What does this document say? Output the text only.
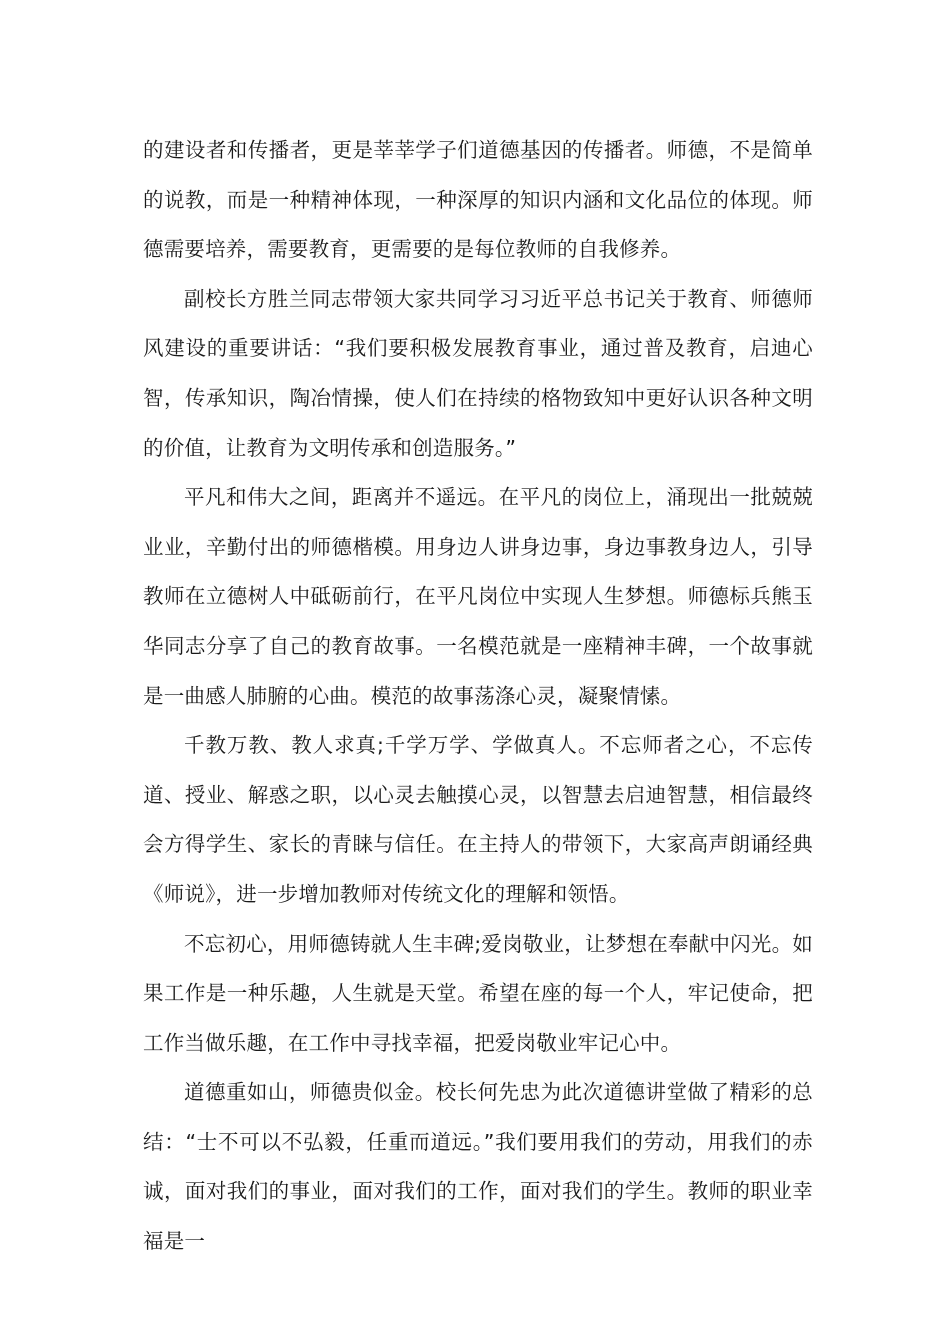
的建设者和传播者，更是莘莘学子们道德基因的传播者。师德，不是简单的说教，而是一种精神体现，一种深厚的知识内涵和文化品位的体现。师德需要培养，需要教育，更需要的是每位教师的自我修养。

副校长方胜兰同志带领大家共同学习习近平总书记关于教育、师德师风建设的重要讲话：“我们要积极发展教育事业，通过普及教育，启迪心智，传承知识，陶冶情操，使人们在持续的格物致知中更好认识各种文明的价值，让教育为文明传承和创造服务。”

平凡和伟大之间，距离并不遥远。在平凡的岗位上，涌现出一批兢兢业业，辛勤付出的师德楷模。用身边人讲身边事，身边事教身边人，引导教师在立德树人中砥砺前行，在平凡岗位中实现人生梦想。师德标兵熊玉华同志分享了自己的教育故事。一名模范就是一座精神丰碑，一个故事就是一曲感人肺腑的心曲。模范的故事荡涤心灵，凝聚情愫。

千教万教、教人求真;千学万学、学做真人。不忘师者之心，不忘传道、授业、解惑之职，以心灵去触摸心灵，以智慧去启迪智慧，相信最终会方得学生、家长的青睐与信任。在主持人的带领下，大家高声朗诵经典《师说》，进一步增加教师对传统文化的理解和领悟。

不忘初心，用师德铸就人生丰碑;爱岗敬业，让梦想在奉献中闪光。如果工作是一种乐趣，人生就是天堂。希望在座的每一个人，牢记使命，把工作当做乐趣，在工作中寻找幸福，把爱岗敬业牢记心中。

道德重如山，师德贵似金。校长何先忠为此次道德讲堂做了精彩的总结：“士不可以不弘毅，任重而道远。”我们要用我们的劳动，用我们的赤诚，面对我们的事业，面对我们的工作，面对我们的学生。教师的职业幸福是一
